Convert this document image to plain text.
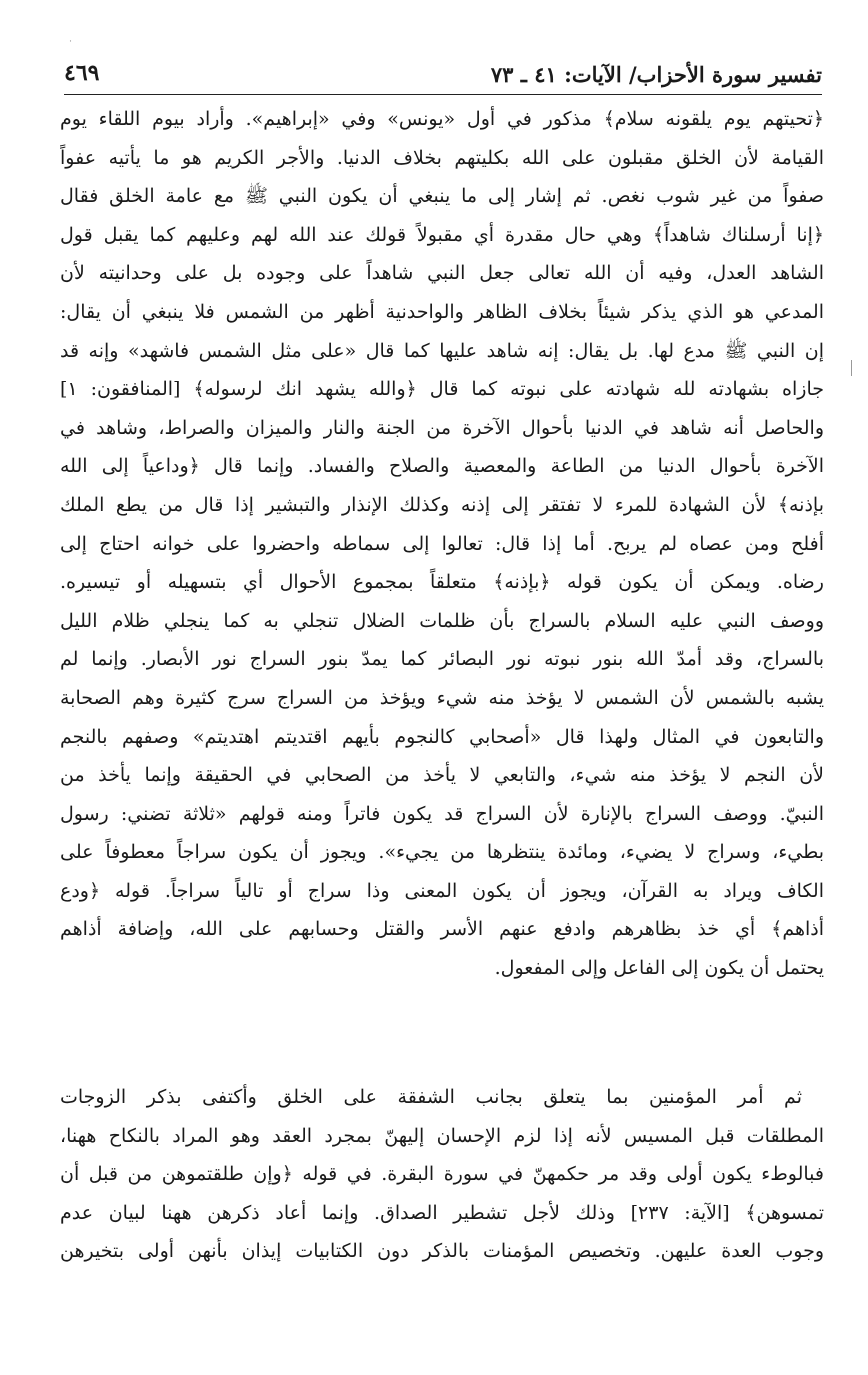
˙
تفسير سورة الأحزاب/ الآيات: ٤١ ـ ٧٣
٤٦٩
﴿تحيتهم يوم يلقونه سلام﴾ مذكور في أول «يونس» وفي «إبراهيم». وأراد بيوم اللقاء يوم
القيامة لأن الخلق مقبلون على الله بكليتهم بخلاف الدنيا. والأجر الكريم هو ما يأتيه عفواً
صفواً من غير شوب نغص. ثم إشار إلى ما ينبغي أن يكون النبي ﷺ مع عامة الخلق فقال
﴿إنا أرسلناك شاهداً﴾ وهي حال مقدرة أي مقبولاً قولك عند الله لهم وعليهم كما يقبل قول
الشاهد العدل، وفيه أن الله تعالى جعل النبي شاهداً على وجوده بل على وحدانيته لأن
المدعي هو الذي يذكر شيئاً بخلاف الظاهر والواحدنية أظهر من الشمس فلا ينبغي أن يقال:
إن النبي ﷺ مدع لها. بل يقال: إنه شاهد عليها كما قال «على مثل الشمس فاشهد» وإنه قد
جازاه بشهادته لله شهادته على نبوته كما قال ﴿والله يشهد انك لرسوله﴾ [المنافقون: ١]
والحاصل أنه شاهد في الدنيا بأحوال الآخرة من الجنة والنار والميزان والصراط، وشاهد في
الآخرة بأحوال الدنيا من الطاعة والمعصية والصلاح والفساد. وإنما قال ﴿وداعياً إلى الله
بإذنه﴾ لأن الشهادة للمرء لا تفتقر إلى إذنه وكذلك الإنذار والتبشير إذا قال من يطع الملك
أفلح ومن عصاه لم يربح. أما إذا قال: تعالوا إلى سماطه واحضروا على خوانه احتاج إلى
رضاه. ويمكن أن يكون قوله ﴿بإذنه﴾ متعلقاً بمجموع الأحوال أي بتسهيله أو تيسيره.
ووصف النبي عليه السلام بالسراج بأن ظلمات الضلال تنجلي به كما ينجلي ظلام الليل
بالسراج، وقد أمدّ الله بنور نبوته نور البصائر كما يمدّ بنور السراج نور الأبصار. وإنما لم
يشبه بالشمس لأن الشمس لا يؤخذ منه شيء ويؤخذ من السراج سرج كثيرة وهم الصحابة
والتابعون في المثال ولهذا قال «أصحابي كالنجوم بأيهم اقتديتم اهتديتم» وصفهم بالنجم
لأن النجم لا يؤخذ منه شيء، والتابعي لا يأخذ من الصحابي في الحقيقة وإنما يأخذ من
النبيّ. ووصف السراج بالإنارة لأن السراج قد يكون فاتراً ومنه قولهم «ثلاثة تضني: رسول
بطيء، وسراج لا يضيء، ومائدة ينتظرها من يجيء». ويجوز أن يكون سراجاً معطوفاً على
الكاف ويراد به القرآن، ويجوز أن يكون المعنى وذا سراج أو تالياً سراجاً. قوله ﴿ودع
أذاهم﴾ أي خذ بظاهرهم وادفع عنهم الأسر والقتل وحسابهم على الله، وإضافة أذاهم
يحتمل أن يكون إلى الفاعل وإلى المفعول.
ثم أمر المؤمنين بما يتعلق بجانب الشفقة على الخلق وأكتفى بذكر الزوجات
المطلقات قبل المسيس لأنه إذا لزم الإحسان إليهنّ بمجرد العقد وهو المراد بالنكاح ههنا،
فبالوطء يكون أولى وقد مر حكمهنّ في سورة البقرة. في قوله ﴿وإن طلقتموهن من قبل أن
تمسوهن﴾ [الآية: ٢٣٧] وذلك لأجل تشطير الصداق. وإنما أعاد ذكرهن ههنا لبيان عدم
وجوب العدة عليهن. وتخصيص المؤمنات بالذكر دون الكتابيات إيذان بأنهن أولى بتخيرهن
